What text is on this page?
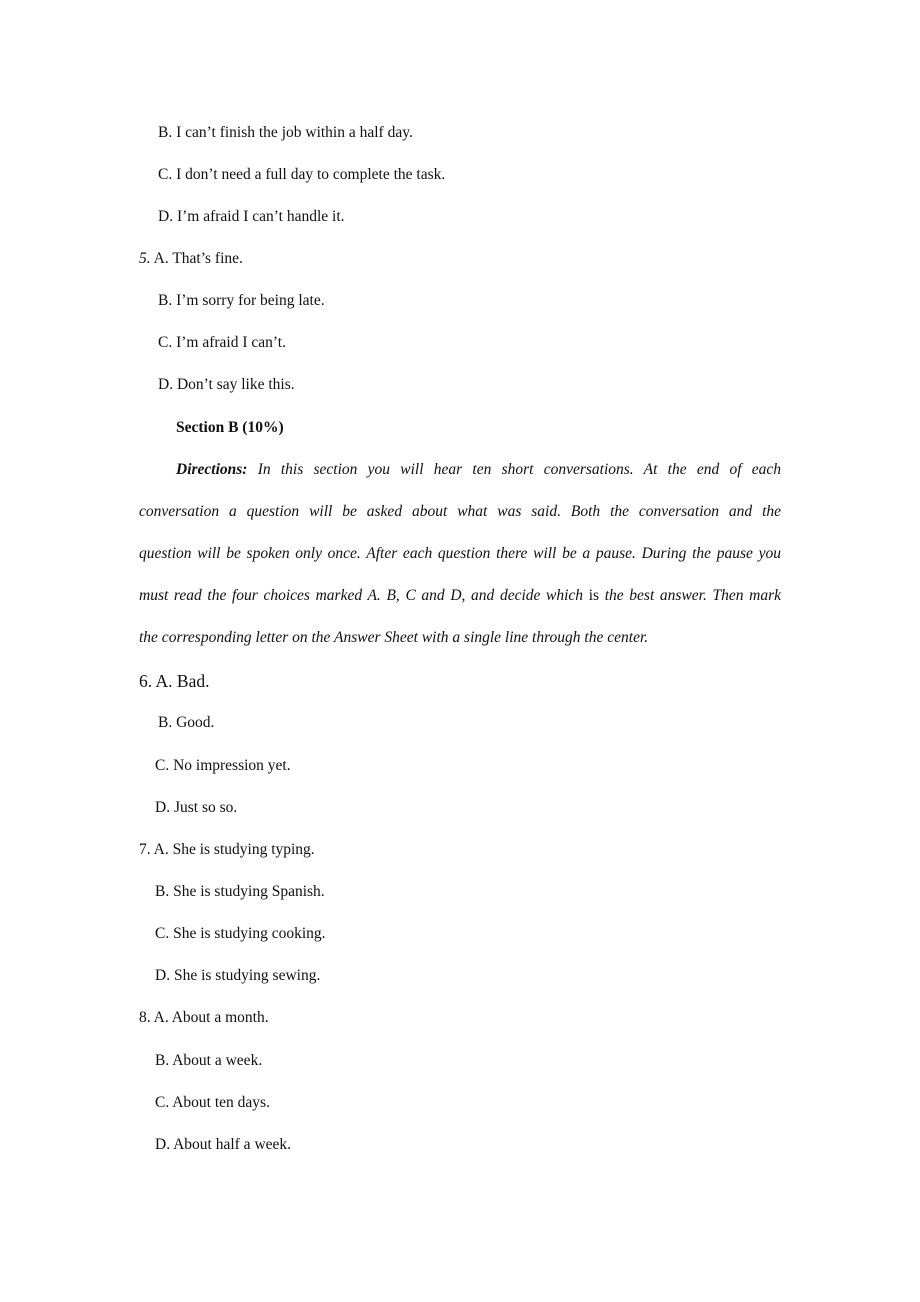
B. I can’t finish the job within a half day.
C. I don’t need a full day to complete the task.
D. I’m afraid I can’t handle it.
5. A. That’s fine.
B. I’m sorry for being late.
C. I’m afraid I can’t.
D. Don’t say like this.
Section B (10%)
Directions: In this section you will hear ten short conversations. At the end of each
conversation a question will be asked about what was said. Both the conversation and the
question will be spoken only once. After each question there will be a pause. During the pause you
must read the four choices marked A. B, C and D, and decide which is the best answer. Then mark
the corresponding letter on the Answer Sheet with a single line through the center.
6. A. Bad.
B. Good.
C. No impression yet.
D. Just so so.
7. A. She is studying typing.
B. She is studying Spanish.
C. She is studying cooking.
D. She is studying sewing.
8. A. About a month.
B. About a week.
C. About ten days.
D. About half a week.
